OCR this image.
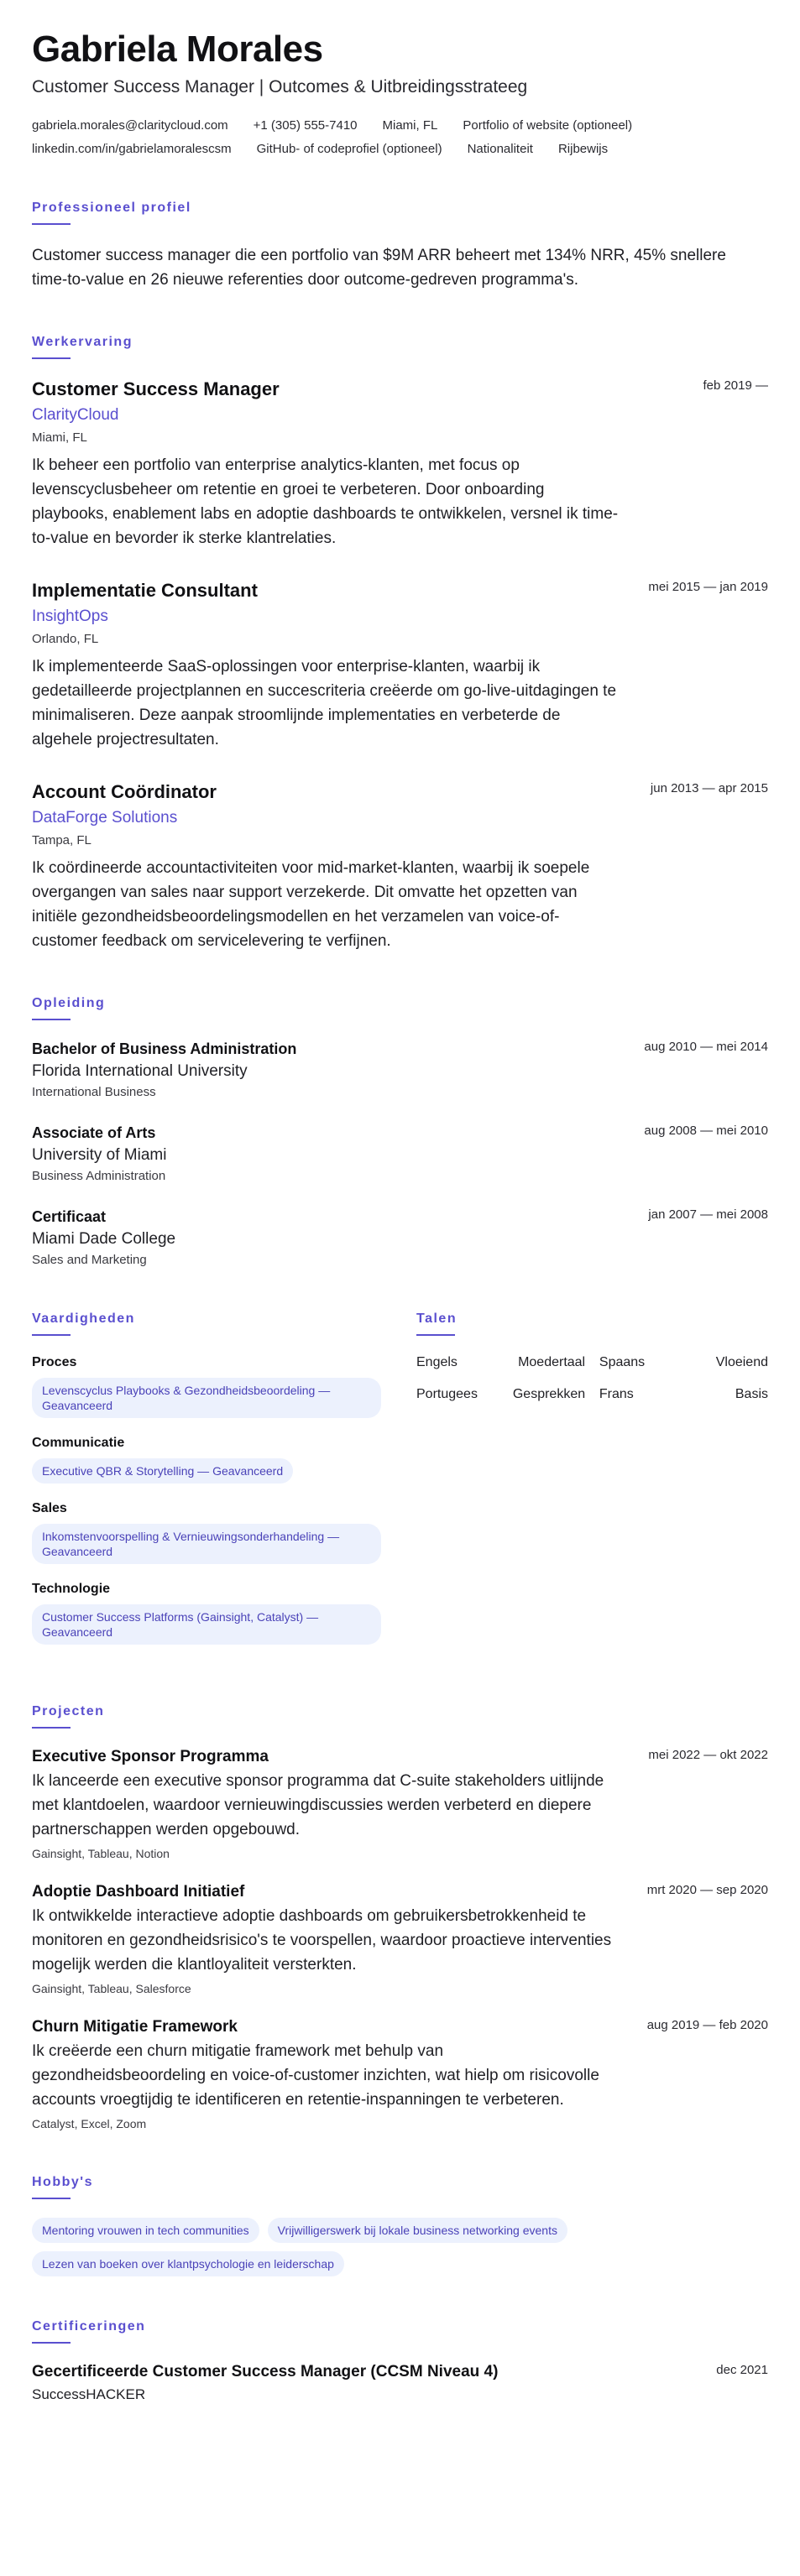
Gabriela Morales
Customer Success Manager | Outcomes & Uitbreidingsstrateeg
gabriela.morales@claritycloud.com +1 (305) 555-7410 Miami, FL Portfolio of website (optioneel)
linkedin.com/in/gabrielamoralescsm GitHub- of codeprofiel (optioneel) Nationaliteit Rijbewijs
Professioneel profiel
Customer success manager die een portfolio van $9M ARR beheert met 134% NRR, 45% snellere time-to-value en 26 nieuwe referenties door outcome-gedreven programma's.
Werkervaring
Customer Success Manager	feb 2019 —
ClarityCloud
Miami, FL
Ik beheer een portfolio van enterprise analytics-klanten, met focus op levenscyclusbeheer om retentie en groei te verbeteren. Door onboarding playbooks, enablement labs en adoptie dashboards te ontwikkelen, versnel ik time-to-value en bevorder ik sterke klantrelaties.
Implementatie Consultant	mei 2015 — jan 2019
InsightOps
Orlando, FL
Ik implementeerde SaaS-oplossingen voor enterprise-klanten, waarbij ik gedetailleerde projectplannen en succescriteria creëerde om go-live-uitdagingen te minimaliseren. Deze aanpak stroomlijnde implementaties en verbeterde de algehele projectresultaten.
Account Coördinator	jun 2013 — apr 2015
DataForge Solutions
Tampa, FL
Ik coördineerde accountactiviteiten voor mid-market-klanten, waarbij ik soepele overgangen van sales naar support verzekerde. Dit omvatte het opzetten van initiële gezondheidsbeoordelingsmodellen en het verzamelen van voice-of-customer feedback om servicelevering te verfijnen.
Opleiding
Bachelor of Business Administration	aug 2010 — mei 2014
Florida International University
International Business
Associate of Arts	aug 2008 — mei 2010
University of Miami
Business Administration
Certificaat	jan 2007 — mei 2008
Miami Dade College
Sales and Marketing
Vaardigheden
Proces
Levenscyclus Playbooks & Gezondheidsbeoordeling — Geavanceerd
Communicatie
Executive QBR & Storytelling — Geavanceerd
Sales
Inkomstenvoorspelling & Vernieuwingsonderhandeling — Geavanceerd
Technologie
Customer Success Platforms (Gainsight, Catalyst) — Geavanceerd
Talen
Engels	Moedertaal Spaans	Vloeiend
Portugees	Gesprekken Frans	Basis
Projecten
Executive Sponsor Programma	mei 2022 — okt 2022
Ik lanceerde een executive sponsor programma dat C-suite stakeholders uitlijnde met klantdoelen, waardoor vernieuwingdiscussies werden verbeterd en diepere partnerschappen werden opgebouwd.
Gainsight, Tableau, Notion
Adoptie Dashboard Initiatief	mrt 2020 — sep 2020
Ik ontwikkelde interactieve adoptie dashboards om gebruikersbetrokkenheid te monitoren en gezondheidsrisico's te voorspellen, waardoor proactieve interventies mogelijk werden die klantloyaliteit versterkten.
Gainsight, Tableau, Salesforce
Churn Mitigatie Framework	aug 2019 — feb 2020
Ik creëerde een churn mitigatie framework met behulp van gezondheidsbeoordeling en voice-of-customer inzichten, wat hielp om risicovolle accounts vroegtijdig te identificeren en retentie-inspanningen te verbeteren.
Catalyst, Excel, Zoom
Hobby's
Mentoring vrouwen in tech communities	Vrijwilligerswerk bij lokale business networking events
Lezen van boeken over klantpsychologie en leiderschap
Certificeringen
Gecertificeerde Customer Success Manager (CCSM Niveau 4)	dec 2021
SuccessHACKER
